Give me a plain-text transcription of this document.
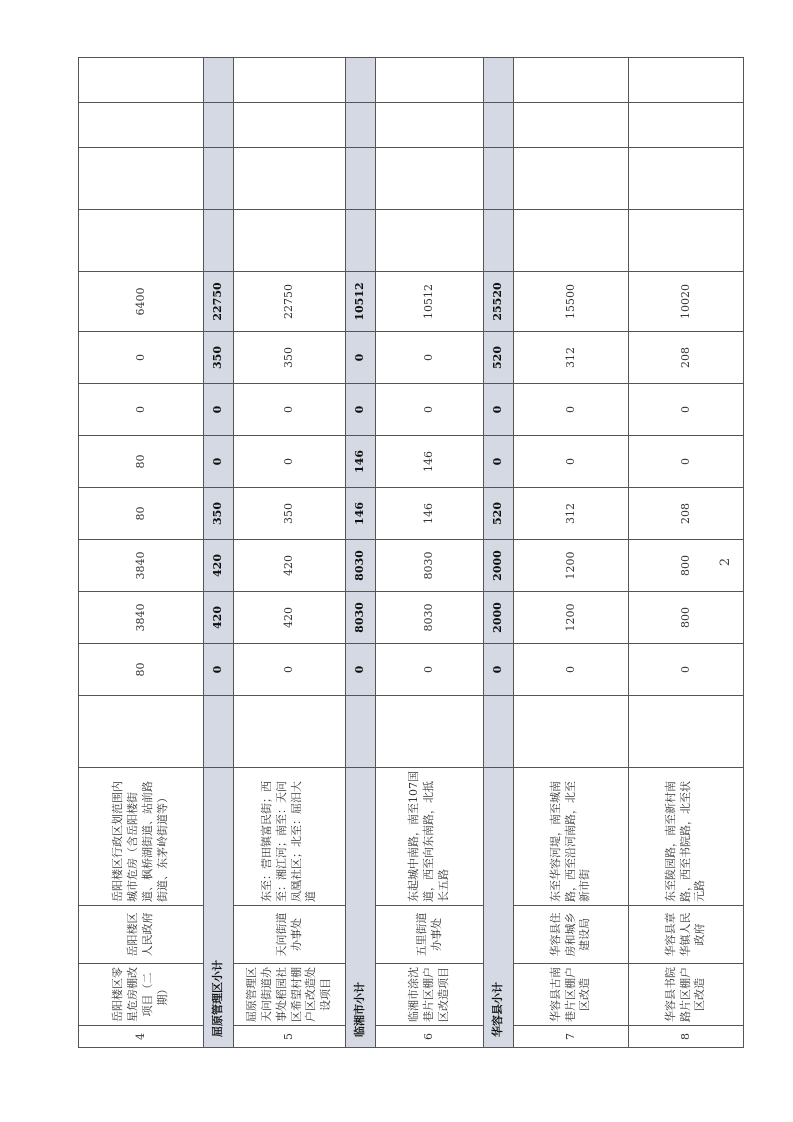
4	岳阳楼区零星危房棚改项目（二期）	岳阳楼区人民政府	岳阳楼区行政区划范围内城市危房（含岳阳楼街道、枫桥湖街道、站前路街道、东茅岭街道等）		80	3840	3840	80	80	0	0	6400				
屈原管理区小计					0	420	420	350	0	0	350	22750				
5	屈原管理区天问街道办事处稻园社区希望村棚户区改造处设项目	天问街道办事处	东至：营田镇富民街；西至：湘江河；南至：天问凤凰社区；北至：屈汨大道		0	420	420	350	0	0	350	22750				
临湘市小计					0	8030	8030	146	146	0	0	10512				
6	临湘市涂沈巷片区棚户区改造项目	五里街道办事处	东起城中南路，南至107国道，西至向东南路，北抵长五路		0	8030	8030	146	146	0	0	10512				
华容县小计					0	2000	2000	520	0	0	520	25520				
7	华容县古南巷片区棚户区改造	华容县住房和城乡建设局	东至华容河堤，南至城南路，西至沿河南路，北至新市街		0	1200	1200	312	0	0	312	15500				
8	华容县书院路片区棚户区改造	华容县章华镇人民政府	东至陵园路，南至新村南路，西至书院路，北至状元路		0	800	800	208	0	0	208	10020				
2
